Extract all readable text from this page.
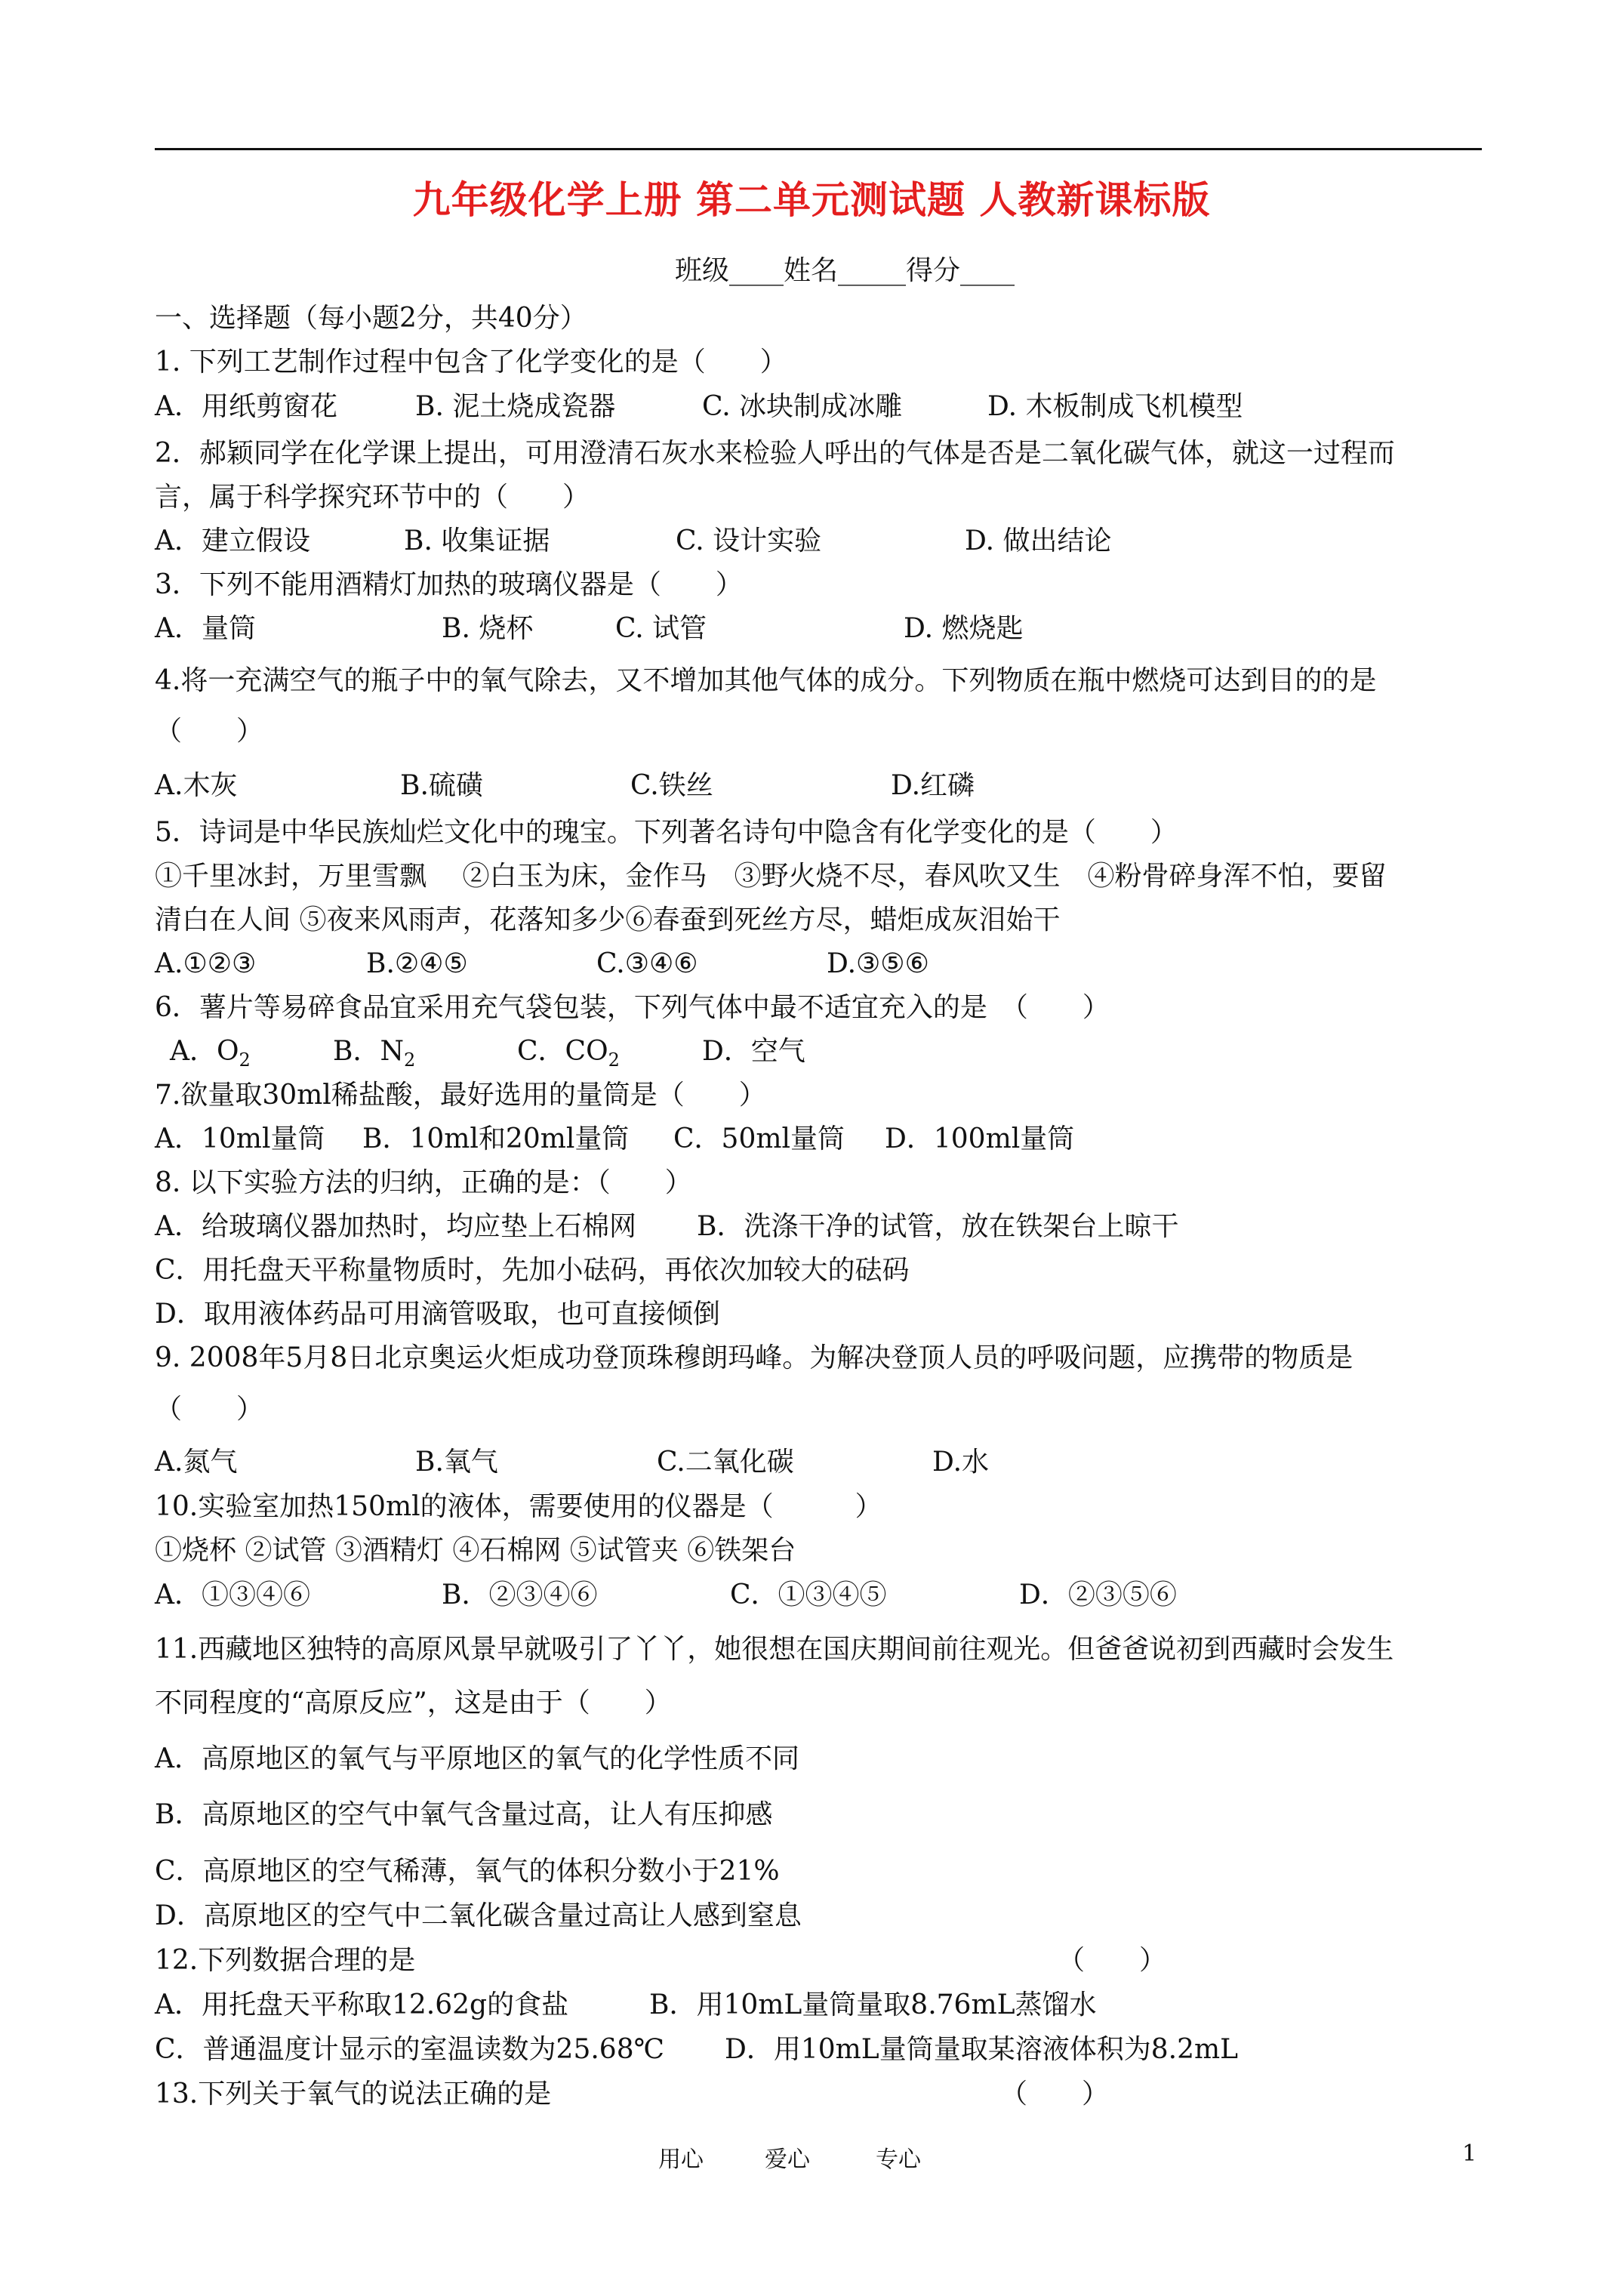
九年级化学上册 第二单元测试题 人教新课标版
班级____姓名_____得分____
一、选择题（每小题2分，共40分）
1. 下列工艺制作过程中包含了化学变化的是（　　）
A．用纸剪窗花	B. 泥土烧成瓷器	C. 冰块制成冰雕	D. 木板制成飞机模型
2．郝颖同学在化学课上提出，可用澄清石灰水来检验人呼出的气体是否是二氧化碳气体，就这一过程而
言，属于科学探究环节中的（　　）
A．建立假设	B. 收集证据	C. 设计实验	D. 做出结论
3．下列不能用酒精灯加热的玻璃仪器是（　　）
A．量筒	B. 烧杯	C. 试管	D. 燃烧匙
4.将一充满空气的瓶子中的氧气除去，又不增加其他气体的成分。下列物质在瓶中燃烧可达到目的的是
（　　）
A.木灰	B.硫磺	C.铁丝	D.红磷
5．诗词是中华民族灿烂文化中的瑰宝。下列著名诗句中隐含有化学变化的是（　　）
①千里冰封，万里雪飘　 ②白玉为床，金作马　③野火烧不尽，春风吹又生　④粉骨碎身浑不怕，要留
清白在人间 ⑤夜来风雨声，花落知多少⑥春蚕到死丝方尽，蜡炬成灰泪始干
A.①②③	B.②④⑤	C.③④⑥	D.③⑤⑥
6．薯片等易碎食品宜采用充气袋包装，下列气体中最不适宜充入的是　（　　）
A．O2	B．N2	C．CO2	D．空气
7.欲量取30ml稀盐酸，最好选用的量筒是（　　）
A．10ml量筒 B．10ml和20ml量筒 C．50ml量筒 D．100ml量筒
8. 以下实验方法的归纳，正确的是：（　　）
A．给玻璃仪器加热时，均应垫上石棉网 B．洗涤干净的试管，放在铁架台上晾干
C．用托盘天平称量物质时，先加小砝码，再依次加较大的砝码
D．取用液体药品可用滴管吸取，也可直接倾倒
9. 2008年5月8日北京奥运火炬成功登顶珠穆朗玛峰。为解决登顶人员的呼吸问题，应携带的物质是
（　　）
A.氮气	B.氧气	C.二氧化碳	D.水
10.实验室加热150ml的液体，需要使用的仪器是（　　　）
①烧杯 ②试管 ③酒精灯 ④石棉网 ⑤试管夹 ⑥铁架台
A．①③④⑥	B．②③④⑥	C．①③④⑤	D．②③⑤⑥
11.西藏地区独特的高原风景早就吸引了丫丫，她很想在国庆期间前往观光。但爸爸说初到西藏时会发生
不同程度的“高原反应”，这是由于（　　）
A．高原地区的氧气与平原地区的氧气的化学性质不同
B．高原地区的空气中氧气含量过高，让人有压抑感
C．高原地区的空气稀薄，氧气的体积分数小于21%
D．高原地区的空气中二氧化碳含量过高让人感到窒息
12.下列数据合理的是	（　　）
A．用托盘天平称取12.62g的食盐	B．用10mL量筒量取8.76mL蒸馏水
C．普通温度计显示的室温读数为25.68℃ D．用10mL量筒量取某溶液体积为8.2mL
13.下列关于氧气的说法正确的是	（　　）
用心	爱心	专心	1
